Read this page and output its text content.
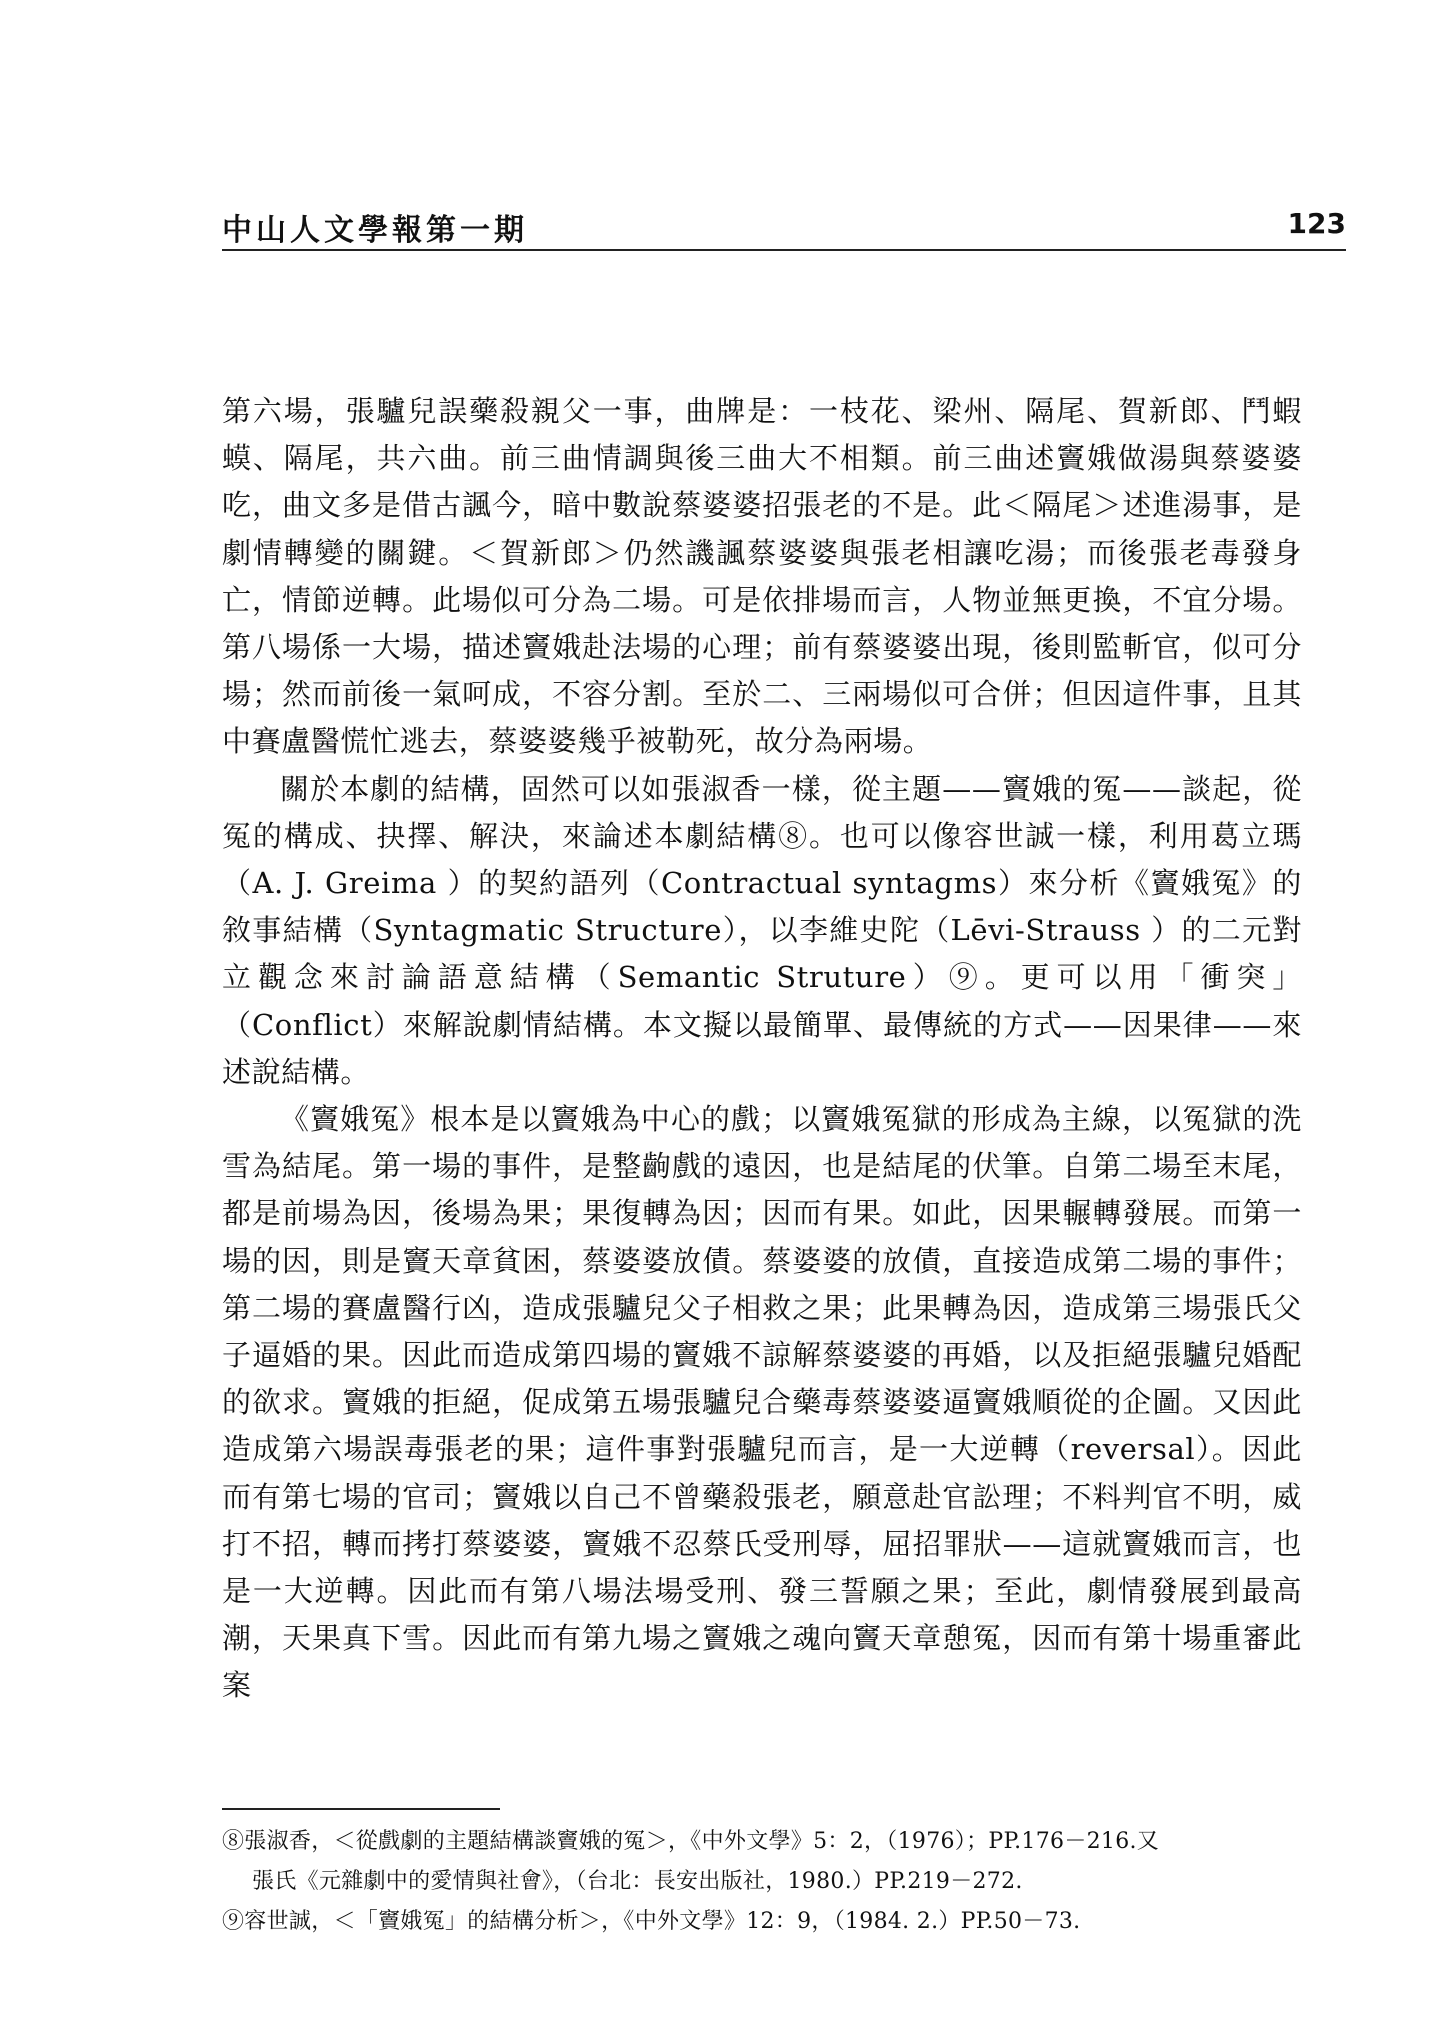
中山人文學報第一期	123

第六場，張驢兒誤藥殺親父一事，曲牌是：一枝花、梁州、隔尾、賀新郎、鬥蝦蟆、隔尾，共六曲。前三曲情調與後三曲大不相類。前三曲述竇娥做湯與蔡婆婆吃，曲文多是借古諷今，暗中數說蔡婆婆招張老的不是。此＜隔尾＞述進湯事，是劇情轉變的關鍵。＜賀新郎＞仍然譏諷蔡婆婆與張老相讓吃湯；而後張老毒發身亡，情節逆轉。此場似可分為二場。可是依排場而言，人物並無更換，不宜分場。第八場係一大場，描述竇娥赴法場的心理；前有蔡婆婆出現，後則監斬官，似可分場；然而前後一氣呵成，不容分割。至於二、三兩場似可合併；但因這件事，且其中賽盧醫慌忙逃去，蔡婆婆幾乎被勒死，故分為兩場。

關於本劇的結構，固然可以如張淑香一樣，從主題——竇娥的冤——談起，從冤的構成、抉擇、解決，來論述本劇結構⑧。也可以像容世誠一樣，利用葛立瑪（A. J. Greima ）的契約語列（Contractual syntagms）來分析《竇娥冤》的敘事結構（Syntagmatic Structure），以李維史陀（Lēvi-Strauss ）的二元對立觀念來討論語意結構（Semantic Struture）⑨。更可以用「衝突」（Conflict）來解說劇情結構。本文擬以最簡單、最傳統的方式——因果律——來述說結構。

《竇娥冤》根本是以竇娥為中心的戲；以竇娥冤獄的形成為主線，以冤獄的洗雪為結尾。第一場的事件，是整齣戲的遠因，也是結尾的伏筆。自第二場至末尾，都是前場為因，後場為果；果復轉為因；因而有果。如此，因果輾轉發展。而第一場的因，則是竇天章貧困，蔡婆婆放債。蔡婆婆的放債，直接造成第二場的事件；第二場的賽盧醫行凶，造成張驢兒父子相救之果；此果轉為因，造成第三場張氏父子逼婚的果。因此而造成第四場的竇娥不諒解蔡婆婆的再婚，以及拒絕張驢兒婚配的欲求。竇娥的拒絕，促成第五場張驢兒合藥毒蔡婆婆逼竇娥順從的企圖。又因此造成第六場誤毒張老的果；這件事對張驢兒而言，是一大逆轉（reversal）。因此而有第七場的官司；竇娥以自己不曾藥殺張老，願意赴官訟理；不料判官不明，威打不招，轉而拷打蔡婆婆，竇娥不忍蔡氏受刑辱，屈招罪狀——這就竇娥而言，也是一大逆轉。因此而有第八場法場受刑、發三誓願之果；至此，劇情發展到最高潮，天果真下雪。因此而有第九場之竇娥之魂向竇天章憩冤，因而有第十場重審此案

⑧張淑香，＜從戲劇的主題結構談竇娥的冤＞，《中外文學》5：2，（1976）；PP.176－216.又

張氏《元雜劇中的愛情與社會》，（台北：長安出版社，1980.）PP.219－272.

⑨容世誠，＜「竇娥冤」的結構分析＞，《中外文學》12：9，（1984. 2.）PP.50－73.
